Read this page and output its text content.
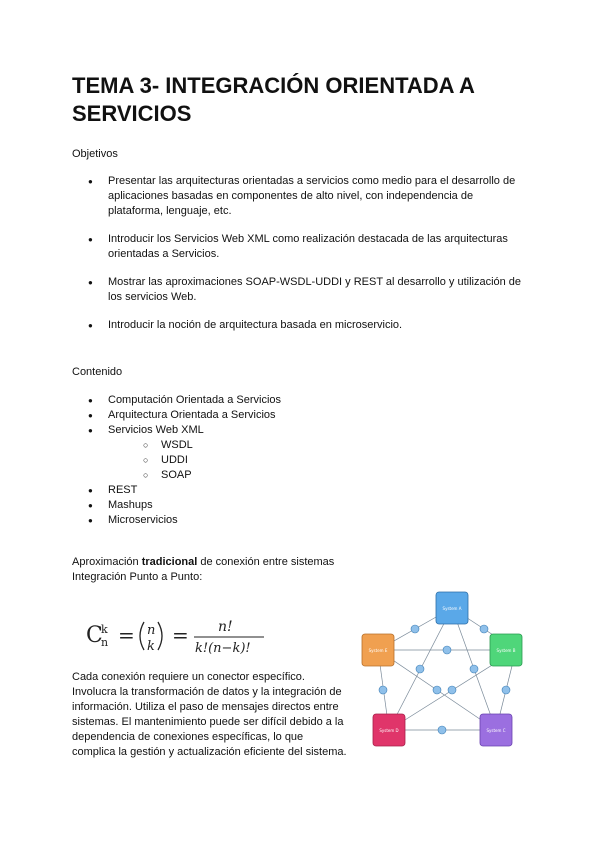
TEMA 3- INTEGRACIÓN ORIENTADA A SERVICIOS
Objetivos
● Presentar las arquitecturas orientadas a servicios como medio para el desarrollo de aplicaciones basadas en componentes de alto nivel, con independencia de plataforma, lenguaje, etc.
● Introducir los Servicios Web XML como realización destacada de las arquitecturas orientadas a Servicios.
● Mostrar las aproximaciones SOAP-WSDL-UDDI y REST al desarrollo y utilización de los servicios Web.
● Introducir la noción de arquitectura basada en microservicio.
Contenido
● Computación Orientada a Servicios
● Arquitectura Orientada a Servicios
● Servicios Web XML
○ WSDL
○ UDDI
○ SOAP
● REST
● Mashups
● Microservicios
Aproximación tradicional de conexión entre sistemas
Integración Punto a Punto:
C
k
n = n
k = n!
k!(n−k)!
Cada conexión requiere un conector específico. Involucra la transformación de datos y la integración de información. Utiliza el paso de mensajes directos entre sistemas. El mantenimiento puede ser difícil debido a la dependencia de conexiones específicas, lo que complica la gestión y actualización eficiente del sistema.
System A
System B
System C
System D
System E
